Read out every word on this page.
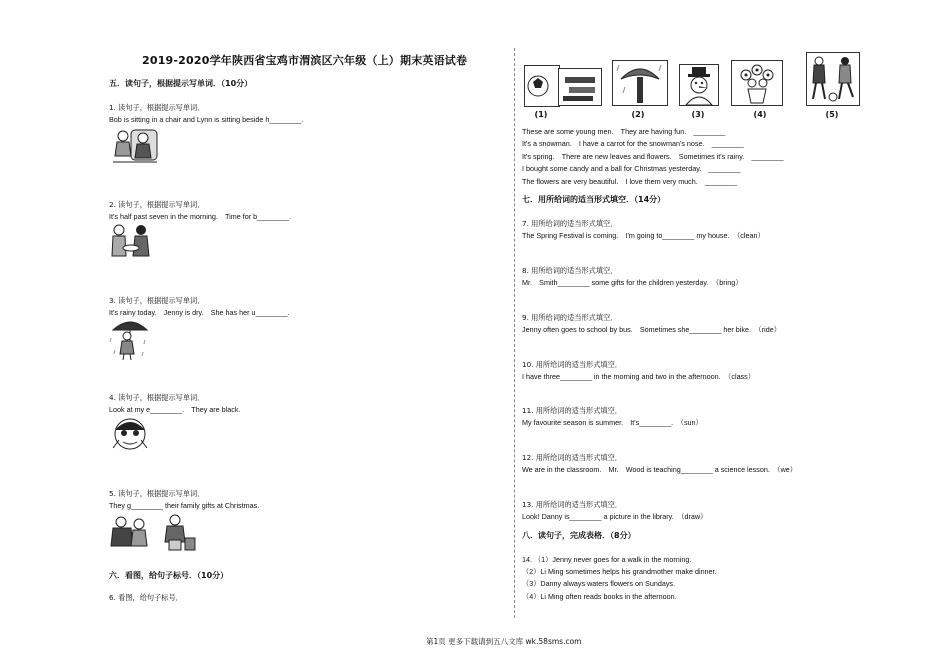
2019-2020学年陕西省宝鸡市渭滨区六年级（上）期末英语试卷
五．读句子，根据提示写单词．（10分）
1. 读句子，根据提示写单词．
Bob is sitting in a chair and Lynn is sitting beside h________.
2. 读句子，根据提示写单词．
It's half past seven in the morning.　Time for b________.
3. 读句子，根据提示写单词．
It's rainy today.　Jenny is dry.　She has her u________.
4. 读句子，根据提示写单词．
Look at my e________.　They are black.
5. 读句子，根据提示写单词．
They g________ their family gifts at Christmas.
六．看图，给句子标号．（10分）
6. 看图，给句子标号．
(1)	(2)	(3)	(4)	(5)
These are some young men.　They are having fun.　________
It's a snowman.　I have a carrot for the snowman's nose.　________
It's spring.　There are new leaves and flowers.　Sometimes it's rainy.　________
I bought some candy and a ball for Christmas yesterday.　________
The flowers are very beautiful.　I love them very much.　________
七．用所给词的适当形式填空．（14分）
7. 用所给词的适当形式填空．
The Spring Festival is coming.　I'm going to________ my house.　（clean）
8. 用所给词的适当形式填空．
Mr.　Smith________ some gifts for the children yesterday.　（bring）
9. 用所给词的适当形式填空．
Jenny often goes to school by bus.　Sometimes she________ her bike.　（ride）
10. 用所给词的适当形式填空．
I have three________ in the morning and two in the afternoon.　（class）
11. 用所给词的适当形式填空．
My favourite season is summer.　It's________.　（sun）
12. 用所给词的适当形式填空．
We are in the classroom.　Mr.　Wood is teaching________ a science lesson.　（we）
13. 用所给词的适当形式填空．
Look! Danny is________ a picture in the library.　（draw）
八．读句子，完成表格．（8分）
14. （1）Jenny never goes for a walk in the morning.
（2）Li Ming sometimes helps his grandmother make dinner.
（3）Danny always waters flowers on Sundays.
（4）Li Ming often reads books in the afternoon.
第1页 更多下载请到五八文库 wk.58sms.com
